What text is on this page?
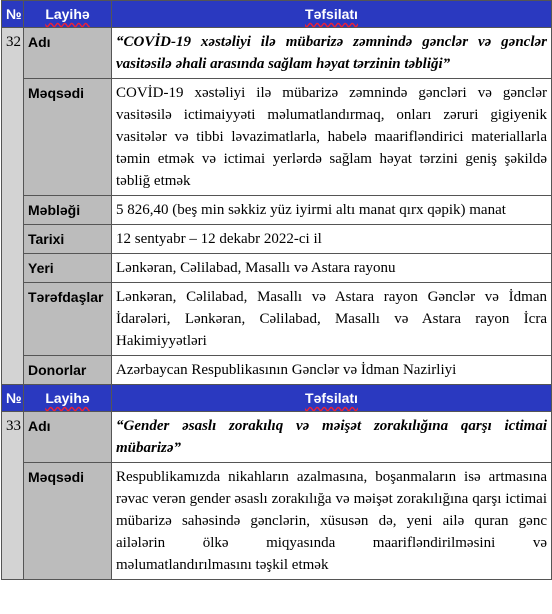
№	Layihə	Təfsilatı
32	Adı	“COVİD-19 xəstəliyi ilə mübarizə zəmnində gənclər və gənclər vasitəsilə əhali arasında sağlam həyat tərzinin təbliği”
	Məqsədi	COVİD-19 xəstəliyi ilə mübarizə zəmnində gəncləri və gənclər vasitəsilə ictimaiyyəti məlumatlandırmaq, onları zəruri gigiyenik vasitələr və tibbi ləvazimatlarla, habelə maarifləndirici materiallarla təmin etmək və ictimai yerlərdə sağlam həyat tərzini geniş şəkildə təbliğ etmək
	Məbləği	5 826,40 (beş min səkkiz yüz iyirmi altı manat qırx qəpik) manat
	Tarixi	12 sentyabr – 12 dekabr 2022-ci il
	Yeri	Lənkəran, Cəlilabad, Masallı və Astara rayonu
	Tərəfdaşlar	Lənkəran, Cəlilabad, Masallı və Astara rayon Gənclər və İdman İdarələri, Lənkəran, Cəlilabad, Masallı və Astara rayon İcra Hakimiyyətləri
	Donorlar	Azərbaycan Respublikasının Gənclər və İdman Nazirliyi
№	Layihə	Təfsilatı
33	Adı	“Gender əsaslı zorakılıq və məişət zorakılığına qarşı ictimai mübarizə”
	Məqsədi	Respublikamızda nikahların azalmasına, boşanmaların isə artmasına rəvac verən gender əsaslı zorakılığa və məişət zorakılığına qarşı ictimai mübarizə sahəsində gənclərin, xüsusən də, yeni ailə quran gənc ailələrin ölkə miqyasında maarifləndirilməsini və məlumatlandırılmasını təşkil etmək
